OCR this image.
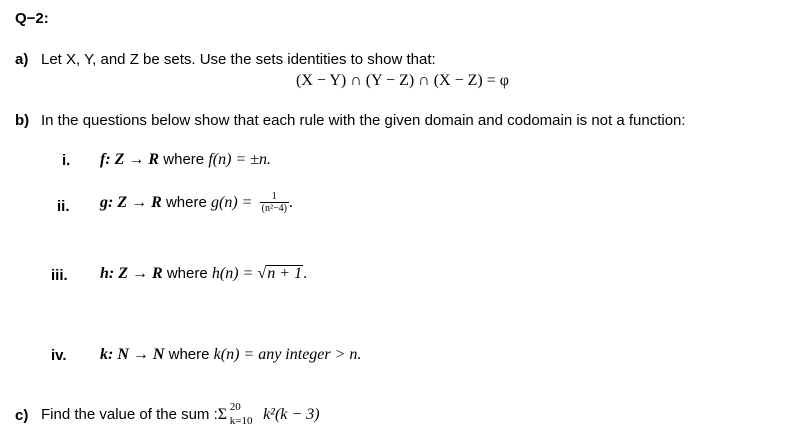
Q−2:
a) Let X, Y, and Z be sets. Use the sets identities to show that:
(X − Y) ∩ (Y − Z) ∩ (X − Z) = φ
b) In the questions below show that each rule with the given domain and codomain is not a function:
i. f: Z → R where f(n) = ±n.
ii. g: Z → R where $g(n) = \frac{1}{\text{(n²−4)}}$ .
iii. h: Z → R where h(n) = √n + 1.
iv. k: N → N where k(n) = any integer > n.
c) Find the value of the sum :Σ 20
k=10 k²(k − 3)
